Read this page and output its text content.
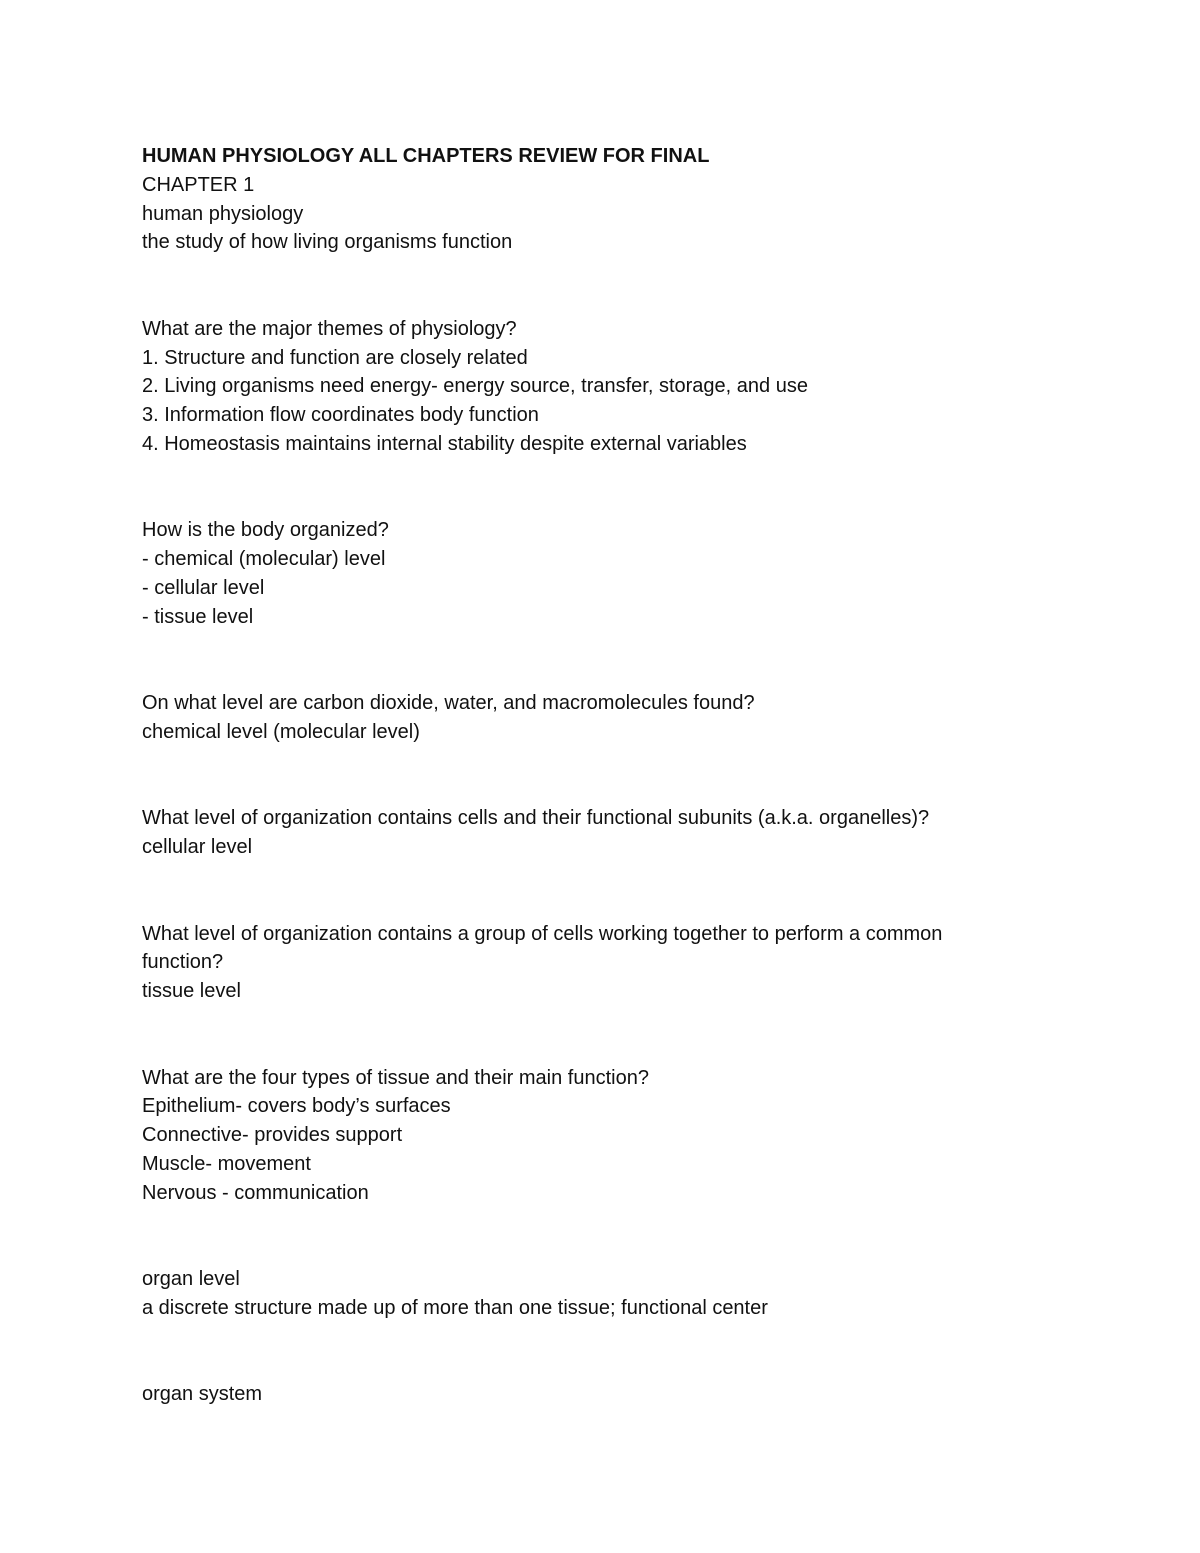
HUMAN PHYSIOLOGY ALL CHAPTERS REVIEW FOR FINAL

CHAPTER 1

human physiology

the study of how living organisms function

What are the major themes of physiology?

1. Structure and function are closely related

2. Living organisms need energy- energy source, transfer, storage, and use

3. Information flow coordinates body function

4. Homeostasis maintains internal stability despite external variables

How is the body organized?

- chemical (molecular) level

- cellular level

- tissue level

On what level are carbon dioxide, water, and macromolecules found?

chemical level (molecular level)

What level of organization contains cells and their functional subunits (a.k.a. organelles)?

cellular level

What level of organization contains a group of cells working together to perform a common

function?

tissue level

What are the four types of tissue and their main function?

Epithelium- covers body’s surfaces

Connective- provides support

Muscle- movement

Nervous - communication

organ level

a discrete structure made up of more than one tissue; functional center

organ system
